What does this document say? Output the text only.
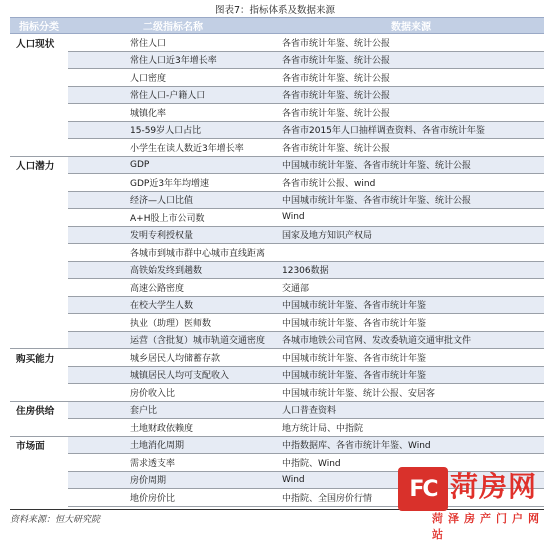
图表7：指标体系及数据来源
指标分类	二级指标名称	数据来源
人口现状	常住人口	各省市统计年鉴、统计公报
	常住人口近3年增长率	各省市统计年鉴、统计公报
	人口密度	各省市统计年鉴、统计公报
	常住人口-户籍人口	各省市统计年鉴、统计公报
	城镇化率	各省市统计年鉴、统计公报
	15-59岁人口占比	各省市2015年人口抽样调查资料、各省市统计年鉴
	小学生在读人数近3年增长率	各省市统计年鉴、统计公报
人口潜力	GDP	中国城市统计年鉴、各省市统计年鉴、统计公报
	GDP近3年年均增速	各省市统计公报、wind
	经济—人口比值	中国城市统计年鉴、各省市统计年鉴、统计公报
	A+H股上市公司数	Wind
	发明专利授权量	国家及地方知识产权局
	各城市到城市群中心城市直线距离	
	高铁始发终到趟数	12306数据
	高速公路密度	交通部
	在校大学生人数	中国城市统计年鉴、各省市统计年鉴
	执业（助理）医师数	中国城市统计年鉴、各省市统计年鉴
	运营（含批复）城市轨道交通密度	各城市地铁公司官网、发改委轨道交通审批文件
购买能力	城乡居民人均储蓄存款	中国城市统计年鉴、各省市统计年鉴
	城镇居民人均可支配收入	中国城市统计年鉴、各省市统计年鉴
	房价收入比	中国城市统计年鉴、统计公报、安居客
住房供给	套户比	人口普查资料
	土地财政依赖度	地方统计局、中指院
市场面	土地消化周期	中指数据库、各省市统计年鉴、Wind
	需求透支率	中指院、Wind
	房价周期	Wind
	地价房价比	中指院、全国房价行情
资料来源：恒大研究院
FC 菏房网
菏泽房产门户网站
